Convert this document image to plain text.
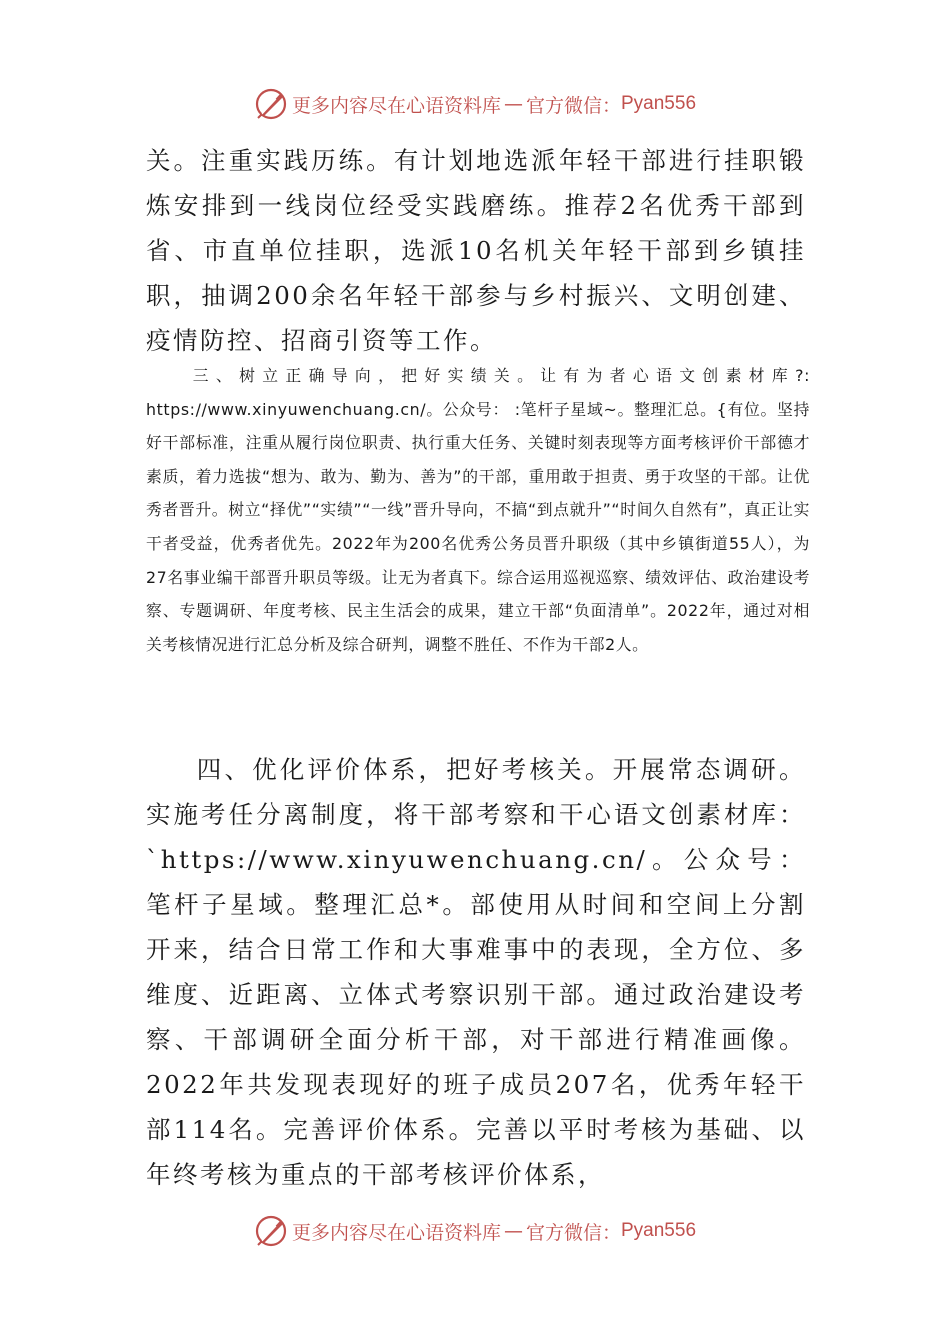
更多内容尽在心语资料库 — 官方微信： Pyan556
关。注重实践历练。有计划地选派年轻干部进行挂职锻炼安排到一线岗位经受实践磨练。推荐2名优秀干部到省、市直单位挂职，选派10名机关年轻干部到乡镇挂职，抽调200余名年轻干部参与乡村振兴、文明创建、疫情防控、招商引资等工作。
三、树立正确导向，把好实绩关。让有为者心语文创素材库?: https://www.xinyuwenchuang.cn/。公众号： :笔杆子星域~。整理汇总。{有位。坚持好干部标准，注重从履行岗位职责、执行重大任务、关键时刻表现等方面考核评价干部德才素质，着力选拔“想为、敢为、勤为、善为”的干部，重用敢于担责、勇于攻坚的干部。让优秀者晋升。树立“择优”“实绩”“一线”晋升导向，不搞“到点就升”“时间久自然有”，真正让实干者受益，优秀者优先。2022年为200名优秀公务员晋升职级（其中乡镇街道55人），为27名事业编干部晋升职员等级。让无为者真下。综合运用巡视巡察、绩效评估、政治建设考察、专题调研、年度考核、民主生活会的成果，建立干部“负面清单”。2022年，通过对相关考核情况进行汇总分析及综合研判，调整不胜任、不作为干部2人。
四、优化评价体系，把好考核关。开展常态调研。实施考任分离制度，将干部考察和干心语文创素材库：`https://www.xinyuwenchuang.cn/。公众号：笔杆子星域。整理汇总*。部使用从时间和空间上分割开来，结合日常工作和大事难事中的表现，全方位、多维度、近距离、立体式考察识别干部。通过政治建设考察、干部调研全面分析干部，对干部进行精准画像。2022年共发现表现好的班子成员207名，优秀年轻干部114名。完善评价体系。完善以平时考核为基础、以年终考核为重点的干部考核评价体系，
更多内容尽在心语资料库 — 官方微信： Pyan556
